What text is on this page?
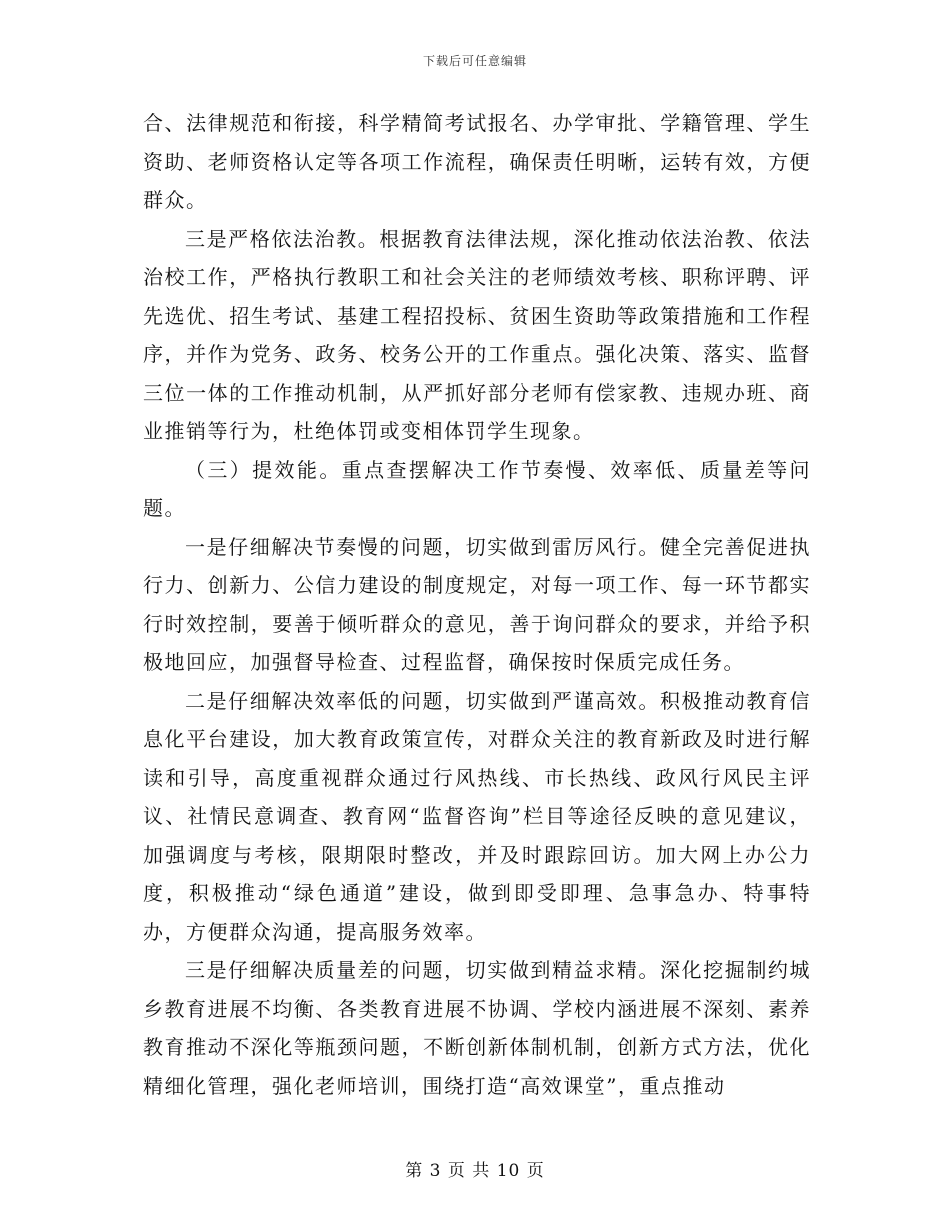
下载后可任意编辑

合、法律规范和衔接，科学精简考试报名、办学审批、学籍管理、学生资助、老师资格认定等各项工作流程，确保责任明晰，运转有效，方便群众。

三是严格依法治教。根据教育法律法规，深化推动依法治教、依法治校工作，严格执行教职工和社会关注的老师绩效考核、职称评聘、评先选优、招生考试、基建工程招投标、贫困生资助等政策措施和工作程序，并作为党务、政务、校务公开的工作重点。强化决策、落实、监督三位一体的工作推动机制，从严抓好部分老师有偿家教、违规办班、商业推销等行为，杜绝体罚或变相体罚学生现象。

（三）提效能。重点查摆解决工作节奏慢、效率低、质量差等问题。

一是仔细解决节奏慢的问题，切实做到雷厉风行。健全完善促进执行力、创新力、公信力建设的制度规定，对每一项工作、每一环节都实行时效控制，要善于倾听群众的意见，善于询问群众的要求，并给予积极地回应，加强督导检查、过程监督，确保按时保质完成任务。

二是仔细解决效率低的问题，切实做到严谨高效。积极推动教育信息化平台建设，加大教育政策宣传，对群众关注的教育新政及时进行解读和引导，高度重视群众通过行风热线、市长热线、政风行风民主评议、社情民意调查、教育网“监督咨询”栏目等途径反映的意见建议，加强调度与考核，限期限时整改，并及时跟踪回访。加大网上办公力度，积极推动“绿色通道”建设，做到即受即理、急事急办、特事特办，方便群众沟通，提高服务效率。

三是仔细解决质量差的问题，切实做到精益求精。深化挖掘制约城乡教育进展不均衡、各类教育进展不协调、学校内涵进展不深刻、素养教育推动不深化等瓶颈问题，不断创新体制机制，创新方式方法，优化精细化管理，强化老师培训，围绕打造“高效课堂”，重点推动

第 3 页 共 10 页
